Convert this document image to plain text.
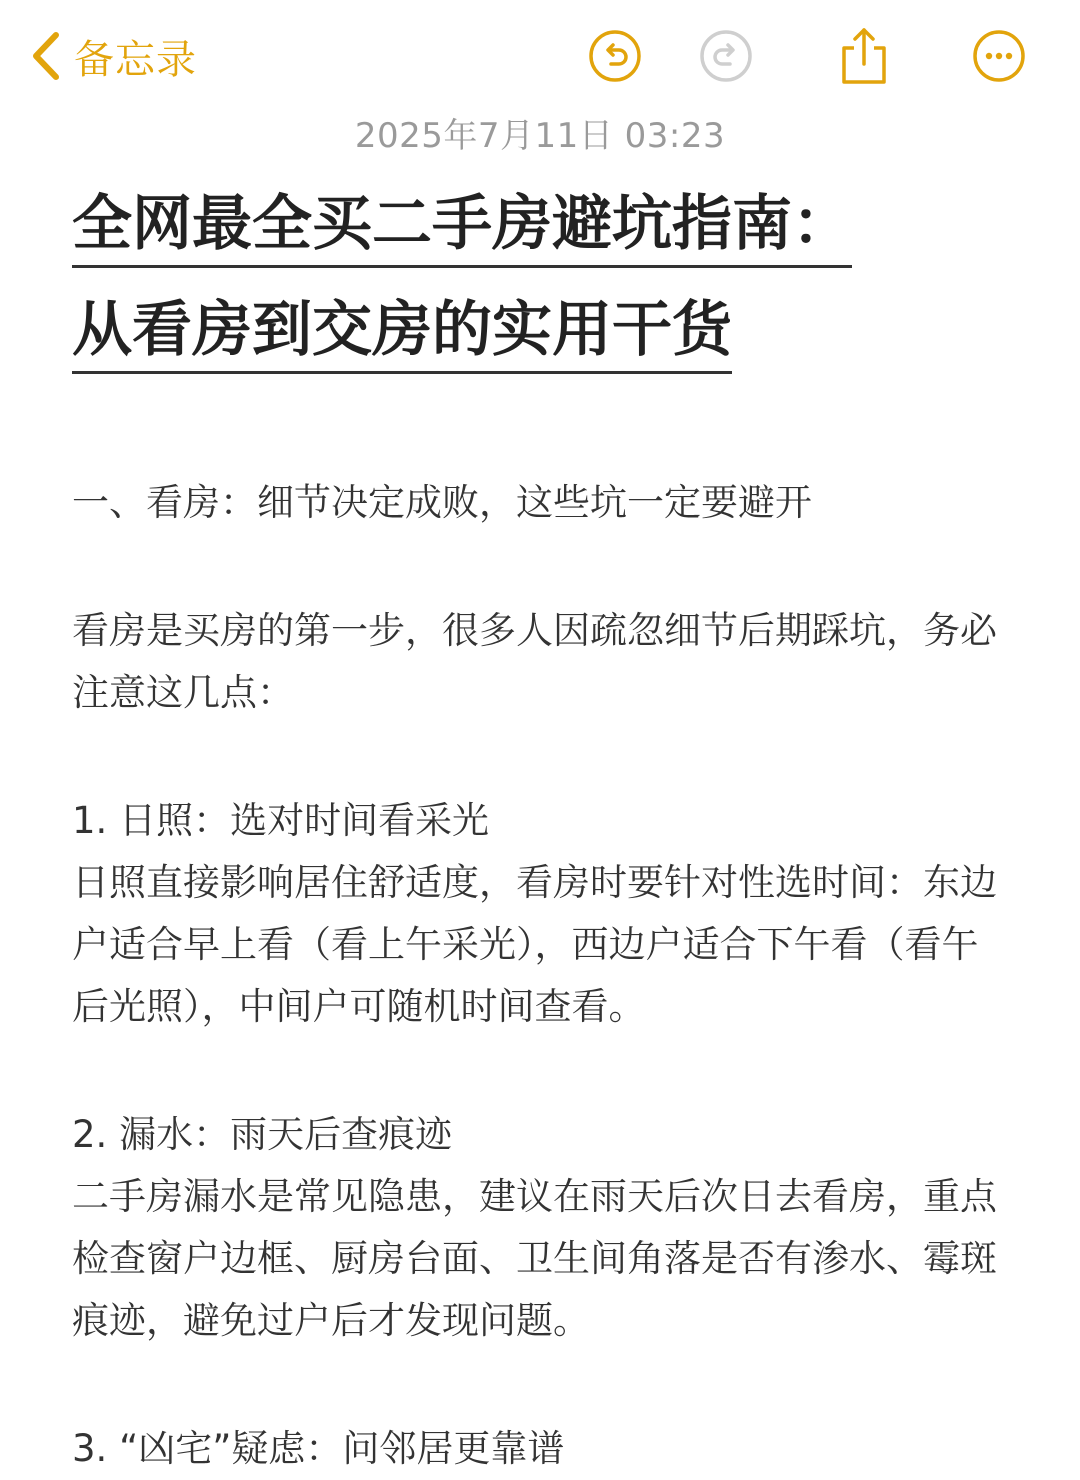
备忘录
2025年7月11日 03:23
全网最全买二手房避坑指南：
从看房到交房的实用干货

一、看房：细节决定成败，这些坑一定要避开

看房是买房的第一步，很多人因疏忽细节后期踩坑，务必注意这几点：

1. 日照：选对时间看采光

日照直接影响居住舒适度，看房时要针对性选时间：东边户适合早上看（看上午采光），西边户适合下午看（看午后光照），中间户可随机时间查看。

2. 漏水：雨天后查痕迹

二手房漏水是常见隐患，建议在雨天后次日去看房，重点检查窗户边框、厨房台面、卫生间角落是否有渗水、霉斑痕迹，避免过户后才发现问题。

3. “凶宅”疑虑：问邻居更靠谱
